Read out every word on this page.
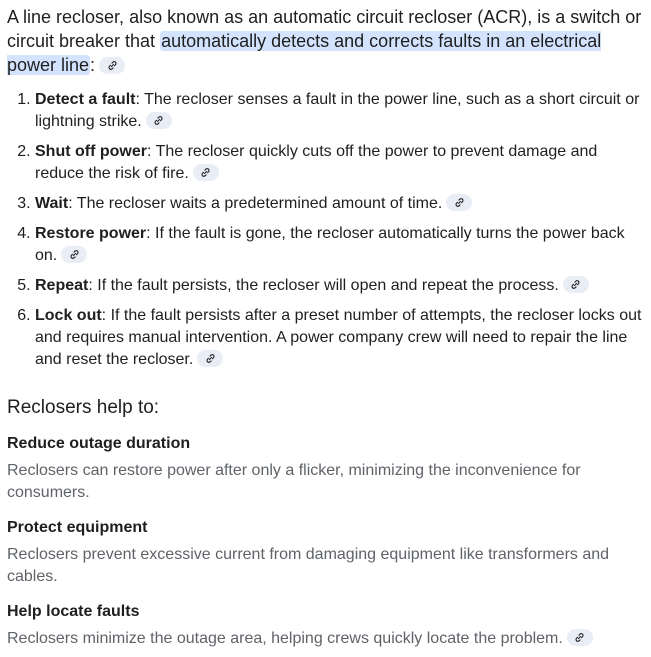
A line recloser, also known as an automatic circuit recloser (ACR), is a switch or circuit breaker that automatically detects and corrects faults in an electrical power line:

1. Detect a fault: The recloser senses a fault in the power line, such as a short circuit or lightning strike.
2. Shut off power: The recloser quickly cuts off the power to prevent damage and reduce the risk of fire.
3. Wait: The recloser waits a predetermined amount of time.
4. Restore power: If the fault is gone, the recloser automatically turns the power back on.
5. Repeat: If the fault persists, the recloser will open and repeat the process.
6. Lock out: If the fault persists after a preset number of attempts, the recloser locks out and requires manual intervention. A power company crew will need to repair the line and reset the recloser.
Reclosers help to:

Reduce outage duration

Reclosers can restore power after only a flicker, minimizing the inconvenience for consumers.

Protect equipment

Reclosers prevent excessive current from damaging equipment like transformers and cables.

Help locate faults

Reclosers minimize the outage area, helping crews quickly locate the problem.
